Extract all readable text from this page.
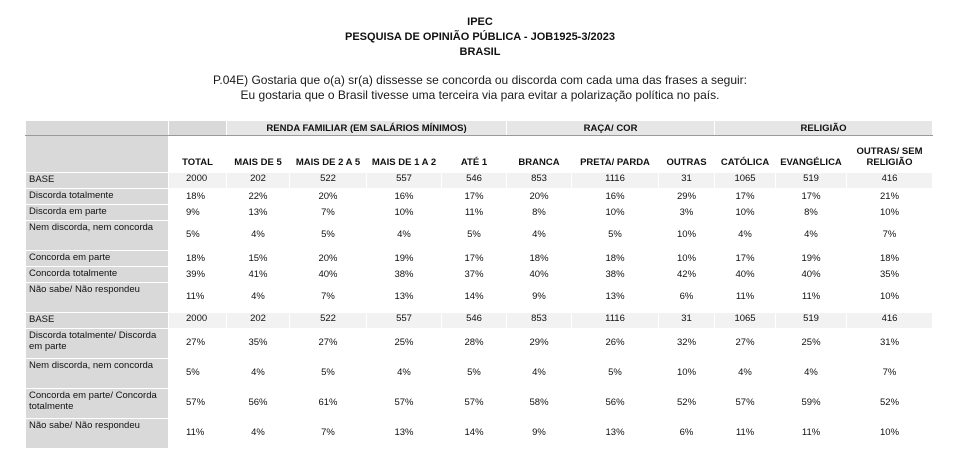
IPEC
PESQUISA DE OPINIÃO PÚBLICA - JOB1925-3/2023
BRASIL
P.04E) Gostaria que o(a) sr(a) dissesse se concorda ou discorda com cada uma das frases a seguir:
Eu gostaria que o Brasil tivesse uma terceira via para evitar a polarização política no país.
		RENDA FAMILIAR (EM SALÁRIOS MÍNIMOS)				RAÇA/ COR			RELIGIÃO		
	TOTAL	MAIS DE 5	MAIS DE 2 A 5	MAIS DE 1 A 2	ATÉ 1	BRANCA	PRETA/ PARDA	OUTRAS	CATÓLICA	EVANGÉLICA	OUTRAS/ SEM RELIGIÃO
BASE	2000	202	522	557	546	853	1116	31	1065	519	416
Discorda totalmente	18%	22%	20%	16%	17%	20%	16%	29%	17%	17%	21%
Discorda em parte	9%	13%	7%	10%	11%	8%	10%	3%	10%	8%	10%
Nem discorda, nem concorda	5%	4%	5%	4%	5%	4%	5%	10%	4%	4%	7%
Concorda em parte	18%	15%	20%	19%	17%	18%	18%	10%	17%	19%	18%
Concorda totalmente	39%	41%	40%	38%	37%	40%	38%	42%	40%	40%	35%
Não sabe/ Não respondeu	11%	4%	7%	13%	14%	9%	13%	6%	11%	11%	10%
BASE	2000	202	522	557	546	853	1116	31	1065	519	416
Discorda totalmente/ Discorda em parte	27%	35%	27%	25%	28%	29%	26%	32%	27%	25%	31%
Nem discorda, nem concorda	5%	4%	5%	4%	5%	4%	5%	10%	4%	4%	7%
Concorda em parte/ Concorda totalmente	57%	56%	61%	57%	57%	58%	56%	52%	57%	59%	52%
Não sabe/ Não respondeu	11%	4%	7%	13%	14%	9%	13%	6%	11%	11%	10%
